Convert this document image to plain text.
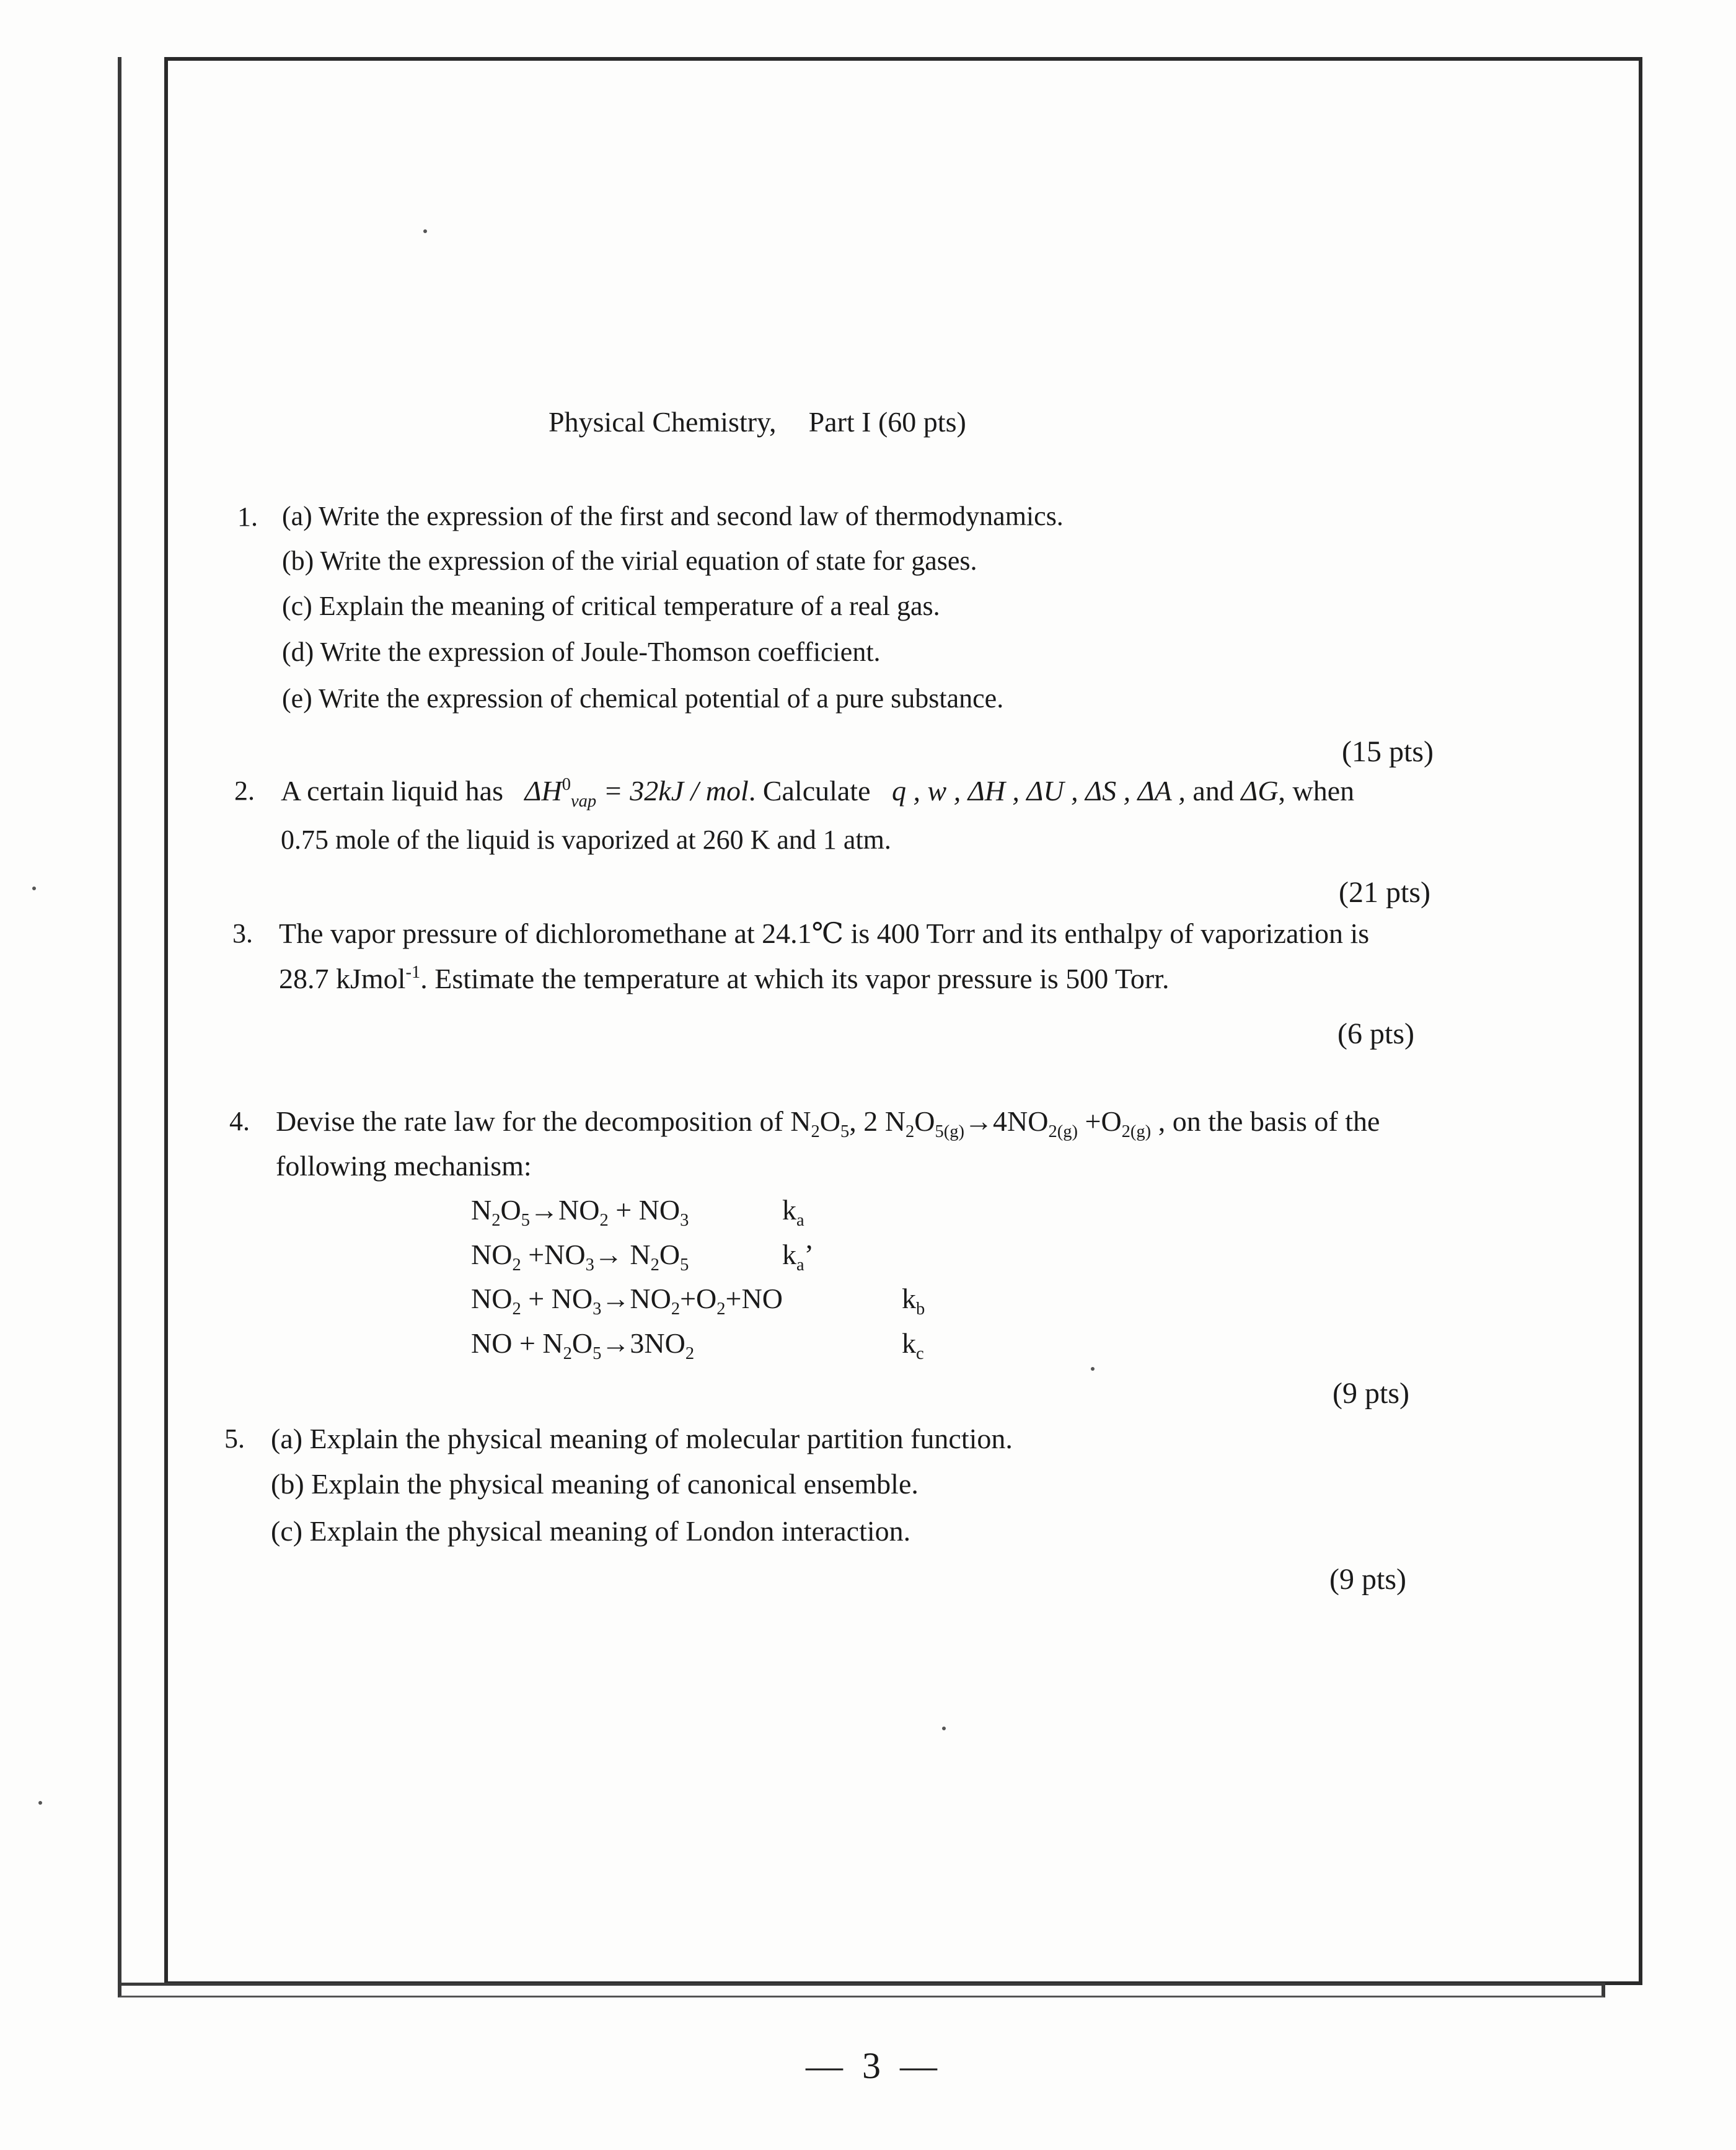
Physical Chemistry, Part I (60 pts)
1. (a) Write the expression of the first and second law of thermodynamics.
(b) Write the expression of the virial equation of state for gases.
(c) Explain the meaning of critical temperature of a real gas.
(d) Write the expression of Joule-Thomson coefficient.
(e) Write the expression of chemical potential of a pure substance.
(15 pts)
2. A certain liquid has $\Delta H^0_{vap} = 32kJ$ / mol. Calculate q , w , ΔH , ΔU , ΔS , ΔA , and ΔG, when
0.75 mole of the liquid is vaporized at 260 K and 1 atm.
(21 pts)
3. The vapor pressure of dichloromethane at 24.1℃ is 400 Torr and its enthalpy of vaporization is
28.7 kJmol$^{-1}$. Estimate the temperature at which its vapor pressure is 500 Torr.
(6 pts)
4. Devise the rate law for the decomposition of $N_2O_5$, 2 $N_2O_{5(g)}\to 4NO_{2(g)} +O_{2(g)}$ , on the basis of the
following mechanism:
$N_2O_5\to NO_2 + NO_3$	$k_a$
$NO_2 +NO_3\to N_2O_5$	$k_a$’
$NO_2 + NO_3\to NO_2+O_2+NO$	$k_b$
NO + $N_2O_5\to 3NO_2$	$k_c$
(9 pts)
5. (a) Explain the physical meaning of molecular partition function.
(b) Explain the physical meaning of canonical ensemble.
(c) Explain the physical meaning of London interaction.
(9 pts)
— 3 —
